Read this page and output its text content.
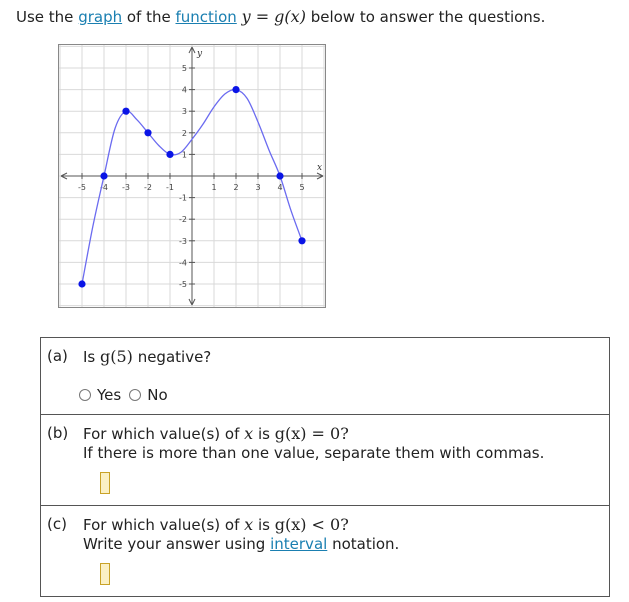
Use the graph of the function y = g(x) below to answer the questions.
-5 -4 -3 -2 -1	1 2 3 4 5
5
4
3
2
1
-1
-2
-3
-4
-5
x
y
(a) Is g(5) negative?
Yes No
(b) For which value(s) of x is g(x) = 0?
If there is more than one value, separate them with commas.
(c) For which value(s) of x is g(x) < 0?
Write your answer using interval notation.
